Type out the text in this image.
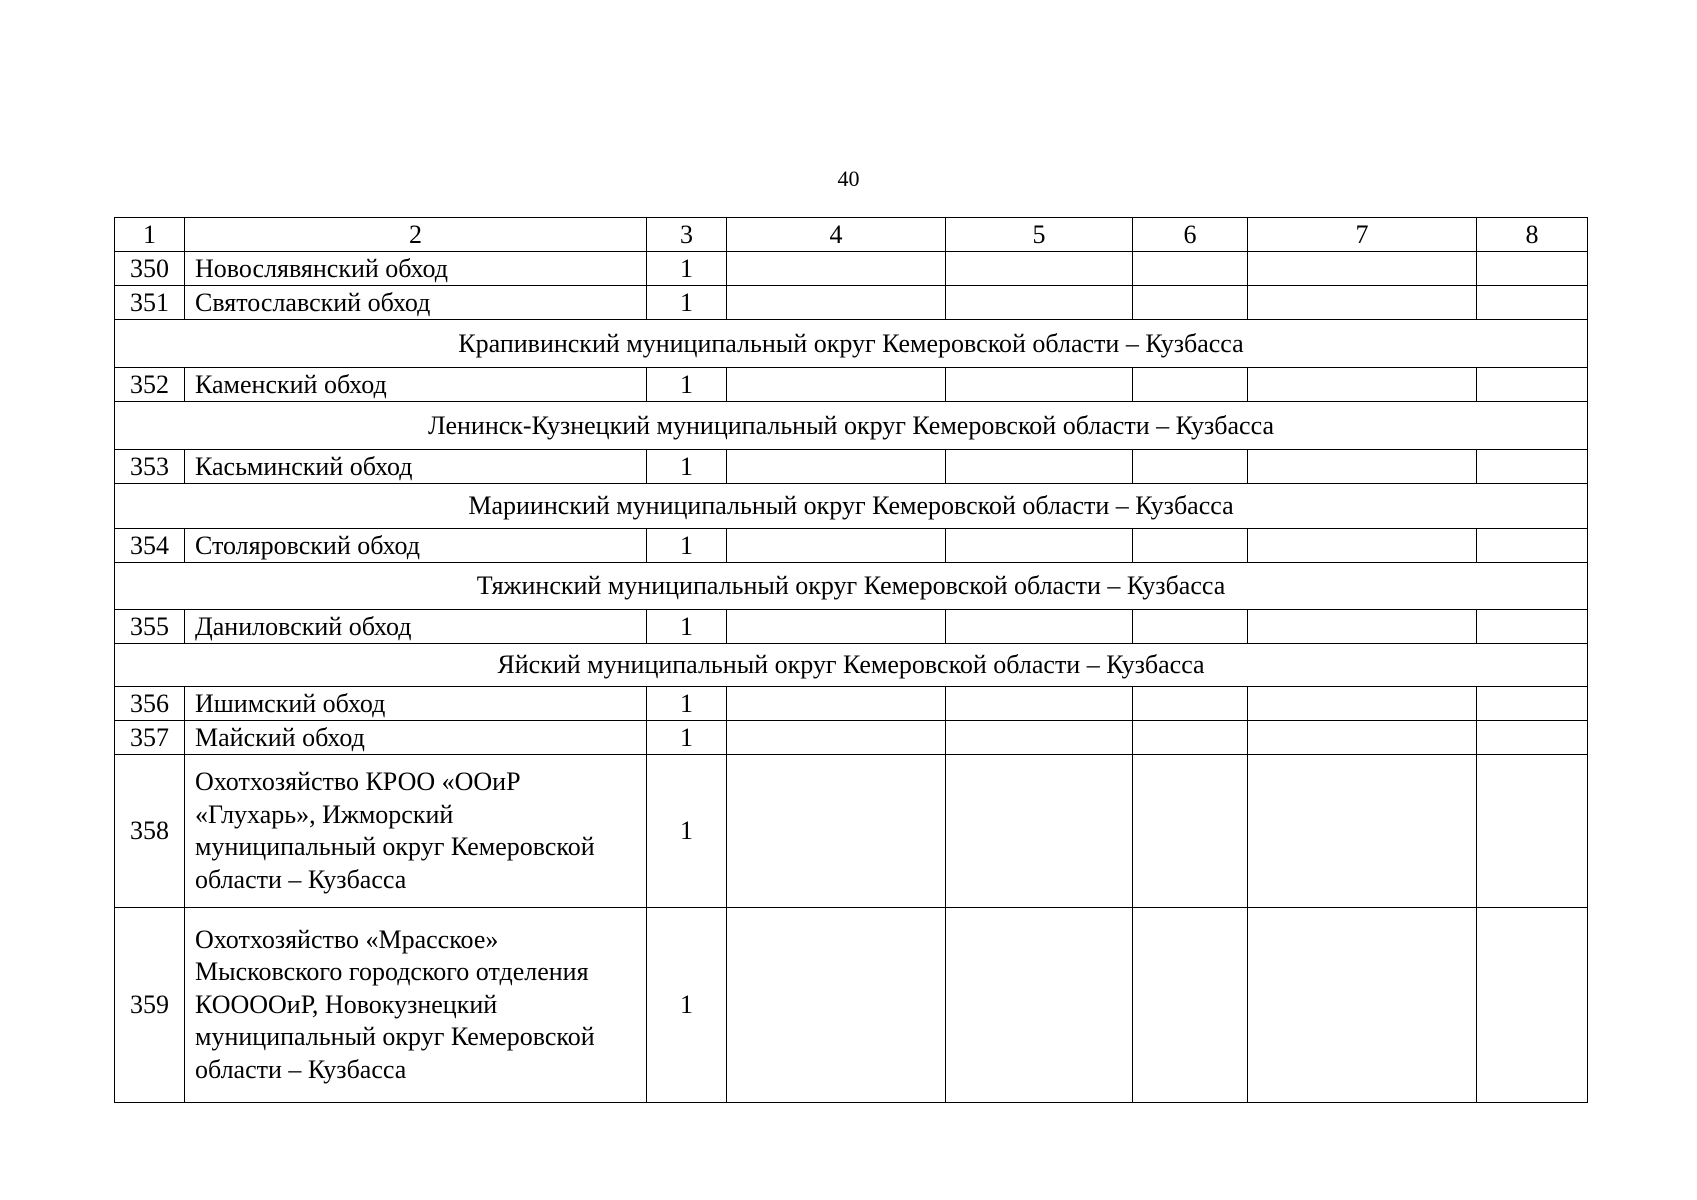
40
1	2	3	4	5	6	7	8
350	Новослявянский обход	1					
351	Святославский обход	1					
Крапивинский муниципальный округ Кемеровской области – Кузбасса							
352	Каменский обход	1					
Ленинск-Кузнецкий муниципальный округ Кемеровской области – Кузбасса							
353	Касьминский обход	1					
Мариинский муниципальный округ Кемеровской области – Кузбасса							
354	Столяровский обход	1					
Тяжинский муниципальный округ Кемеровской области – Кузбасса							
355	Даниловский обход	1					
Яйский муниципальный округ Кемеровской области – Кузбасса							
356	Ишимский обход	1					
357	Майский обход	1					
358	Охотхозяйство КРОО «ООиР
«Глухарь», Ижморский
муниципальный округ Кемеровской
области – Кузбасса	1					
359	Охотхозяйство «Мрасское»
Мысковского городского отделения
КООООиР, Новокузнецкий
муниципальный округ Кемеровской
области – Кузбасса	1					
